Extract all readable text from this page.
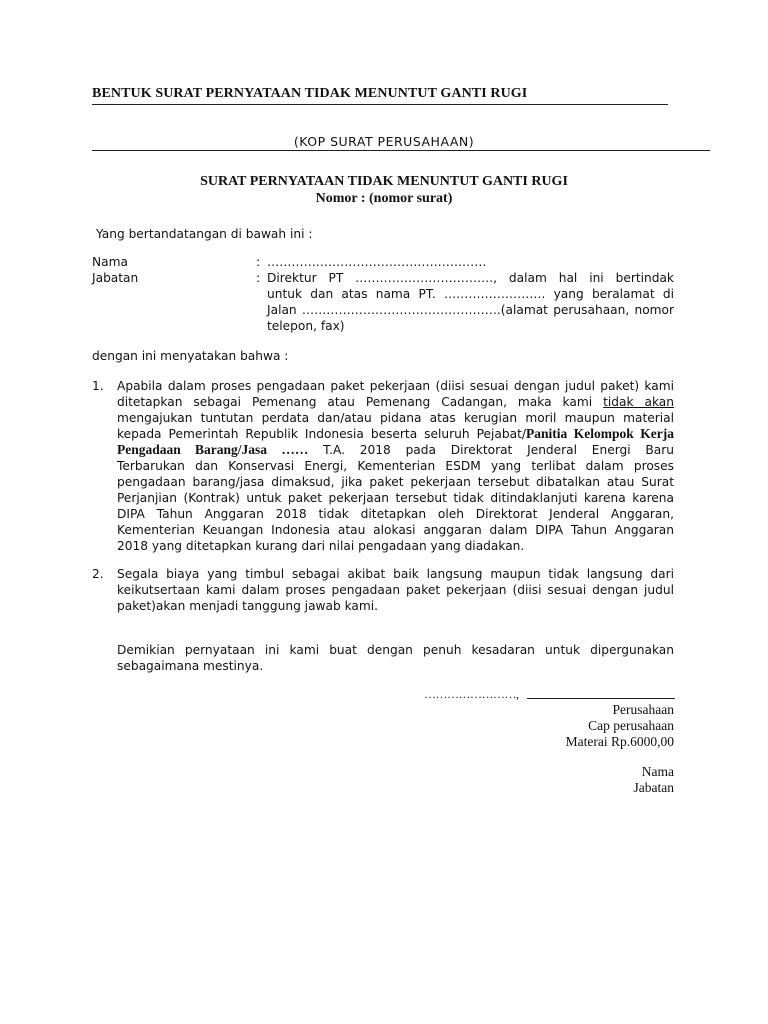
BENTUK SURAT PERNYATAAN TIDAK MENUNTUT GANTI RUGI
(KOP SURAT PERUSAHAAN)
SURAT PERNYATAAN TIDAK MENUNTUT GANTI RUGI
Nomor : (nomor surat)
Yang bertandatangan di bawah ini :
Nama	: ………………………………………………
Jabatan	: Direktur PT ……………………………., dalam hal ini bertindak
untuk dan atas nama PT. ……………………. yang beralamat di
Jalan ………………………………………….(alamat perusahaan, nomor
telepon, fax)
dengan ini menyatakan bahwa :
1. Apabila dalam proses pengadaan paket pekerjaan (diisi sesuai dengan judul paket) kami
ditetapkan sebagai Pemenang atau Pemenang Cadangan, maka kami tidak akan
mengajukan tuntutan perdata dan/atau pidana atas kerugian moril maupun material
kepada Pemerintah Republik Indonesia beserta seluruh Pejabat/Panitia Kelompok Kerja
Pengadaan Barang/Jasa …… T.A. 2018 pada Direktorat Jenderal Energi Baru
Terbarukan dan Konservasi Energi, Kementerian ESDM yang terlibat dalam proses
pengadaan barang/jasa dimaksud, jika paket pekerjaan tersebut dibatalkan atau Surat
Perjanjian (Kontrak) untuk paket pekerjaan tersebut tidak ditindaklanjuti karena karena
DIPA Tahun Anggaran 2018 tidak ditetapkan oleh Direktorat Jenderal Anggaran,
Kementerian Keuangan Indonesia atau alokasi anggaran dalam DIPA Tahun Anggaran
2018 yang ditetapkan kurang dari nilai pengadaan yang diadakan.
2. Segala biaya yang timbul sebagai akibat baik langsung maupun tidak langsung dari
keikutsertaan kami dalam proses pengadaan paket pekerjaan (diisi sesuai dengan judul
paket)akan menjadi tanggung jawab kami.
Demikian pernyataan ini kami buat dengan penuh kesadaran untuk dipergunakan
sebagaimana mestinya.
……………………,
Perusahaan
Cap perusahaan
Materai Rp.6000,00
Nama
Jabatan
